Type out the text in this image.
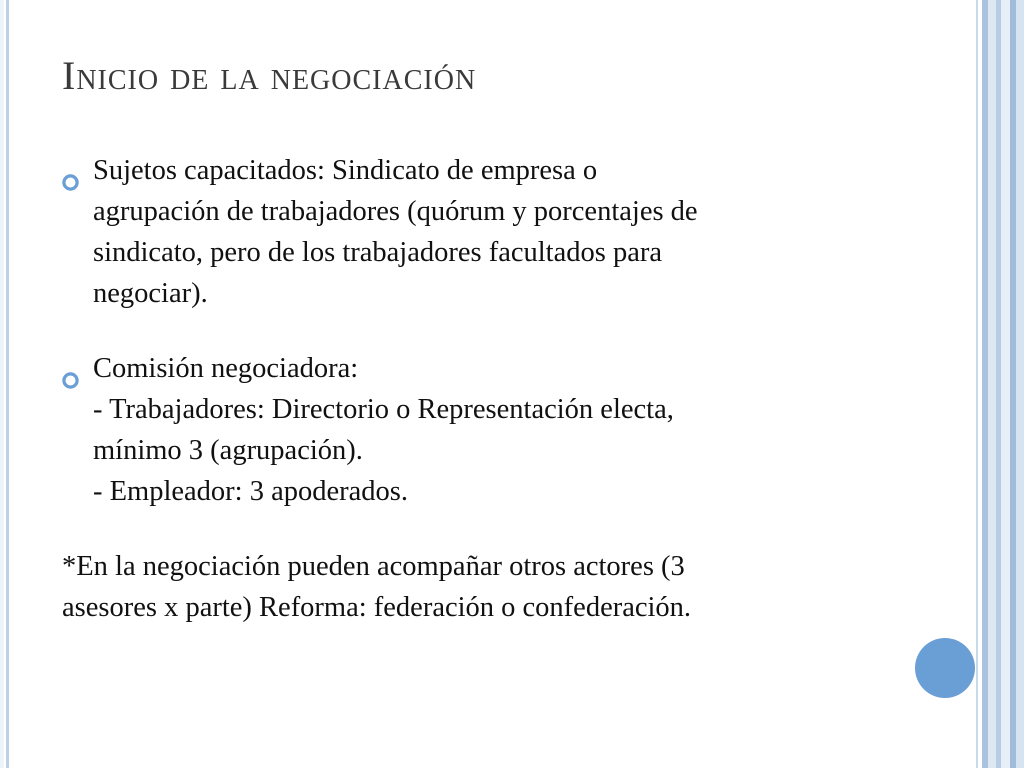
Inicio de la negociación
Sujetos capacitados: Sindicato de empresa o
agrupación de trabajadores (quórum y porcentajes de
sindicato, pero de los trabajadores facultados para
negociar).
Comisión negociadora:
- Trabajadores: Directorio o Representación electa,
mínimo 3 (agrupación).
- Empleador: 3 apoderados.
*En la negociación pueden acompañar otros actores (3
asesores x parte) Reforma: federación o confederación.
